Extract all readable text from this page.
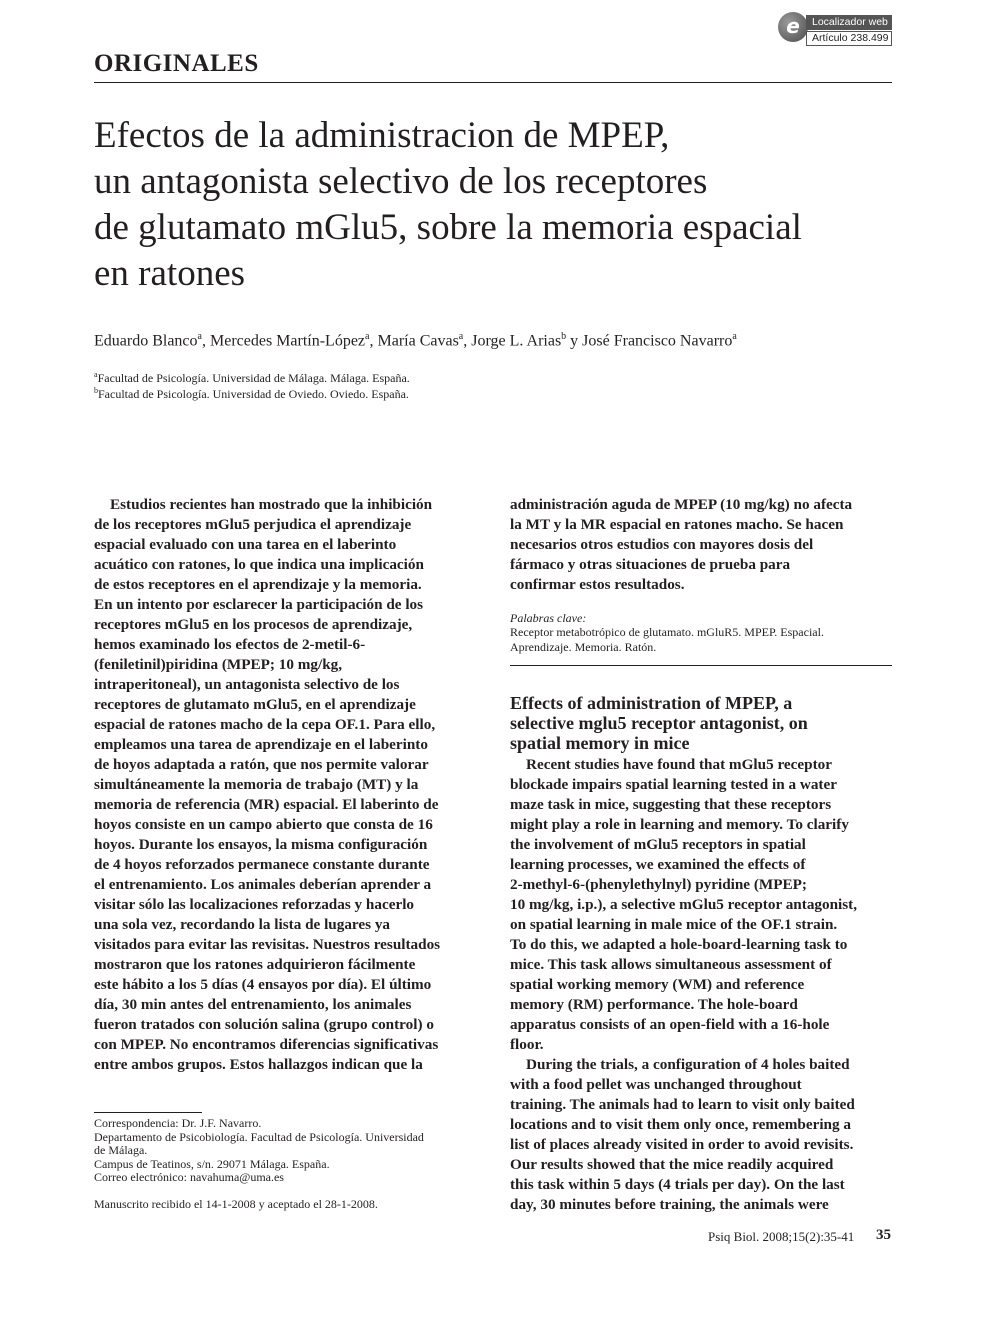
e	Localizador web
Artículo 238.499
ORIGINALES
Efectos de la administracion de MPEP,
un antagonista selectivo de los receptores
de glutamato mGlu5, sobre la memoria espacial
en ratones
Eduardo Blanco$^a$, Mercedes Martín-López$^a$, María Cavas$^a$, Jorge L. Arias$^b$ y José Francisco Navarro$^a$
$^a$Facultad de Psicología. Universidad de Málaga. Málaga. España.
$^b$Facultad de Psicología. Universidad de Oviedo. Oviedo. España.
Estudios recientes han mostrado que la inhibición
de los receptores mGlu5 perjudica el aprendizaje
espacial evaluado con una tarea en el laberinto
acuático con ratones, lo que indica una implicación
de estos receptores en el aprendizaje y la memoria.
En un intento por esclarecer la participación de los
receptores mGlu5 en los procesos de aprendizaje,
hemos examinado los efectos de 2-metil-6-
(feniletinil)piridina (MPEP; 10 mg/kg,
intraperitoneal), un antagonista selectivo de los
receptores de glutamato mGlu5, en el aprendizaje
espacial de ratones macho de la cepa OF.1. Para ello,
empleamos una tarea de aprendizaje en el laberinto
de hoyos adaptada a ratón, que nos permite valorar
simultáneamente la memoria de trabajo (MT) y la
memoria de referencia (MR) espacial. El laberinto de
hoyos consiste en un campo abierto que consta de 16
hoyos. Durante los ensayos, la misma configuración
de 4 hoyos reforzados permanece constante durante
el entrenamiento. Los animales deberían aprender a
visitar sólo las localizaciones reforzadas y hacerlo
una sola vez, recordando la lista de lugares ya
visitados para evitar las revisitas. Nuestros resultados
mostraron que los ratones adquirieron fácilmente
este hábito a los 5 días (4 ensayos por día). El último
día, 30 min antes del entrenamiento, los animales
fueron tratados con solución salina (grupo control) o
con MPEP. No encontramos diferencias significativas
entre ambos grupos. Estos hallazgos indican que la
administración aguda de MPEP (10 mg/kg) no afecta
la MT y la MR espacial en ratones macho. Se hacen
necesarios otros estudios con mayores dosis del
fármaco y otras situaciones de prueba para
confirmar estos resultados.
Palabras clave:
Receptor metabotrópico de glutamato. mGluR5. MPEP. Espacial.
Aprendizaje. Memoria. Ratón.
Effects of administration of MPEP, a
selective mglu5 receptor antagonist, on
spatial memory in mice
Recent studies have found that mGlu5 receptor
blockade impairs spatial learning tested in a water
maze task in mice, suggesting that these receptors
might play a role in learning and memory. To clarify
the involvement of mGlu5 receptors in spatial
learning processes, we examined the effects of
2-methyl-6-(phenylethylnyl) pyridine (MPEP;
10 mg/kg, i.p.), a selective mGlu5 receptor antagonist,
on spatial learning in male mice of the OF.1 strain.
To do this, we adapted a hole-board-learning task to
mice. This task allows simultaneous assessment of
spatial working memory (WM) and reference
memory (RM) performance. The hole-board
apparatus consists of an open-field with a 16-hole
floor.
During the trials, a configuration of 4 holes baited
with a food pellet was unchanged throughout
training. The animals had to learn to visit only baited
locations and to visit them only once, remembering a
list of places already visited in order to avoid revisits.
Our results showed that the mice readily acquired
this task within 5 days (4 trials per day). On the last
day, 30 minutes before training, the animals were
Correspondencia: Dr. J.F. Navarro.
Departamento de Psicobiología. Facultad de Psicología. Universidad
de Málaga.
Campus de Teatinos, s/n. 29071 Málaga. España.
Correo electrónico: navahuma@uma.es
Manuscrito recibido el 14-1-2008 y aceptado el 28-1-2008.
Psiq Biol. 2008;15(2):35-41 35
